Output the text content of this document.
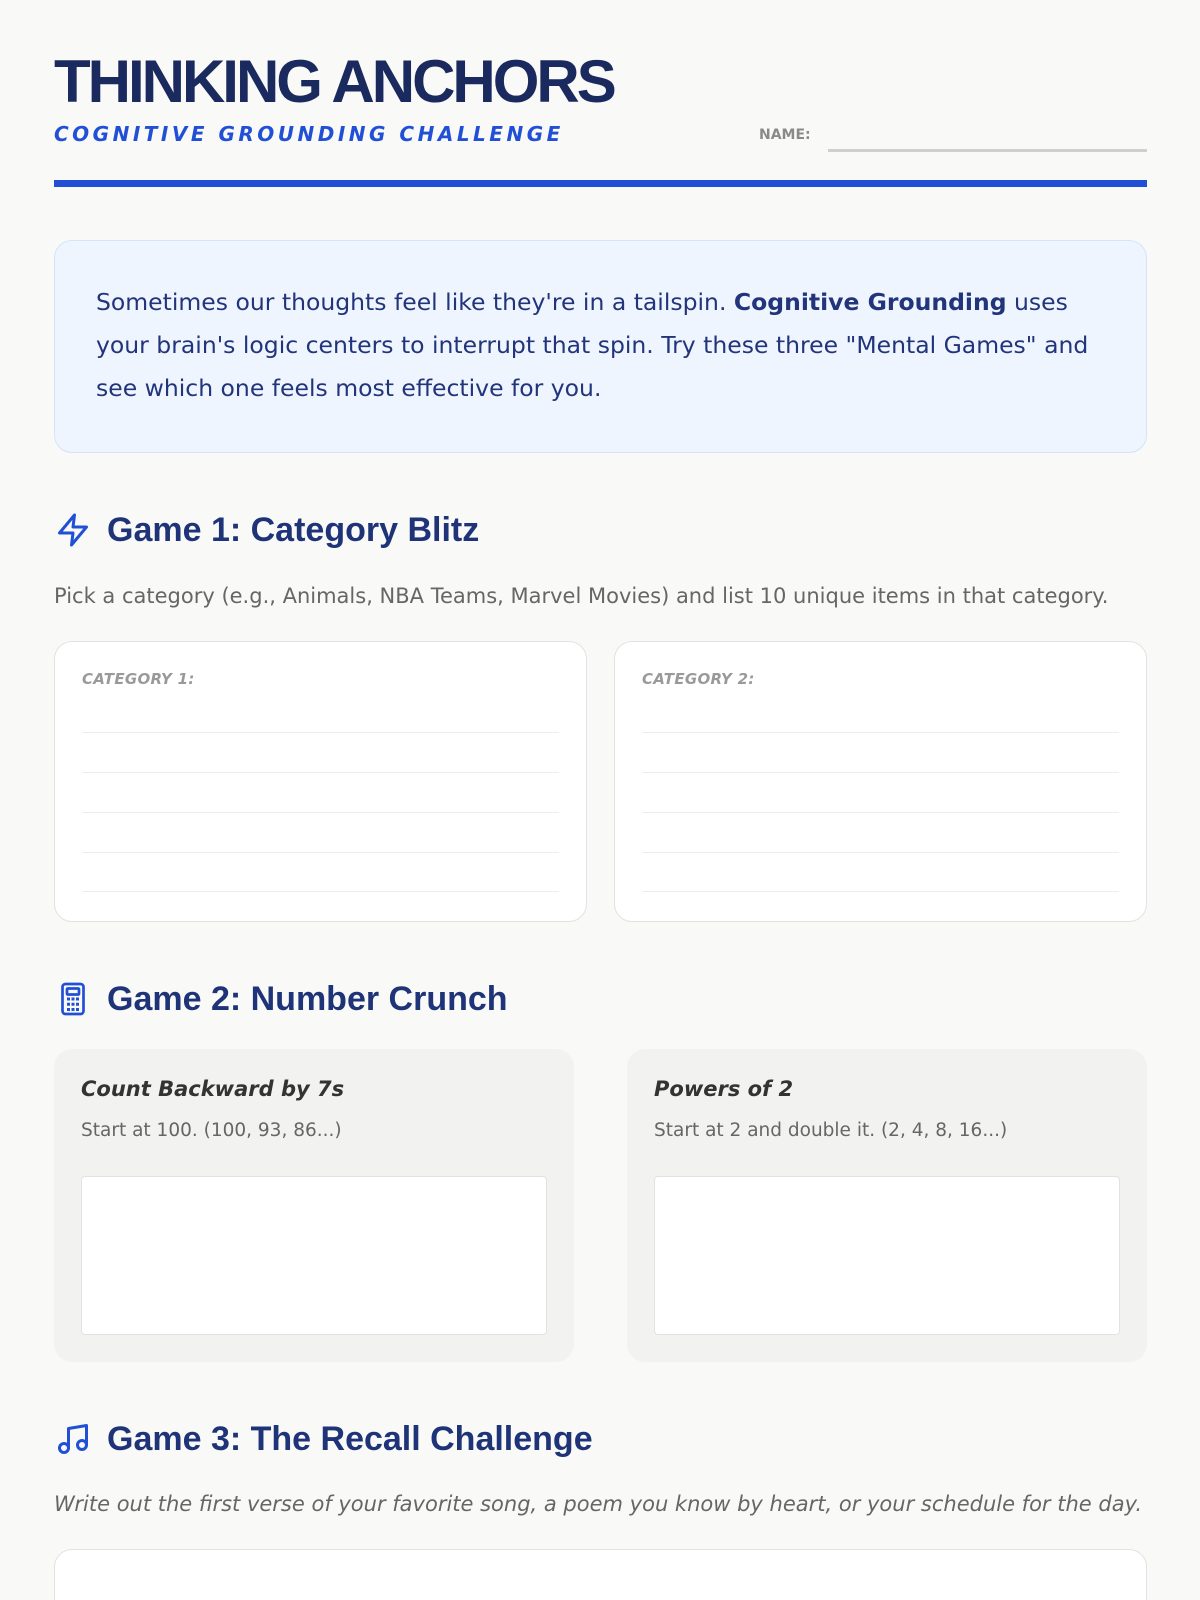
THINKING ANCHORS
COGNITIVE GROUNDING CHALLENGE	NAME:
Sometimes our thoughts feel like they're in a tailspin. Cognitive Grounding uses your brain's logic centers to interrupt that spin. Try these three "Mental Games" and see which one feels most effective for you.
Game 1: Category Blitz
Pick a category (e.g., Animals, NBA Teams, Marvel Movies) and list 10 unique items in that category.
CATEGORY 1:	CATEGORY 2:
Game 2: Number Crunch
Count Backward by 7s
Start at 100. (100, 93, 86...)
Powers of 2
Start at 2 and double it. (2, 4, 8, 16...)
Game 3: The Recall Challenge
Write out the first verse of your favorite song, a poem you know by heart, or your schedule for the day.
